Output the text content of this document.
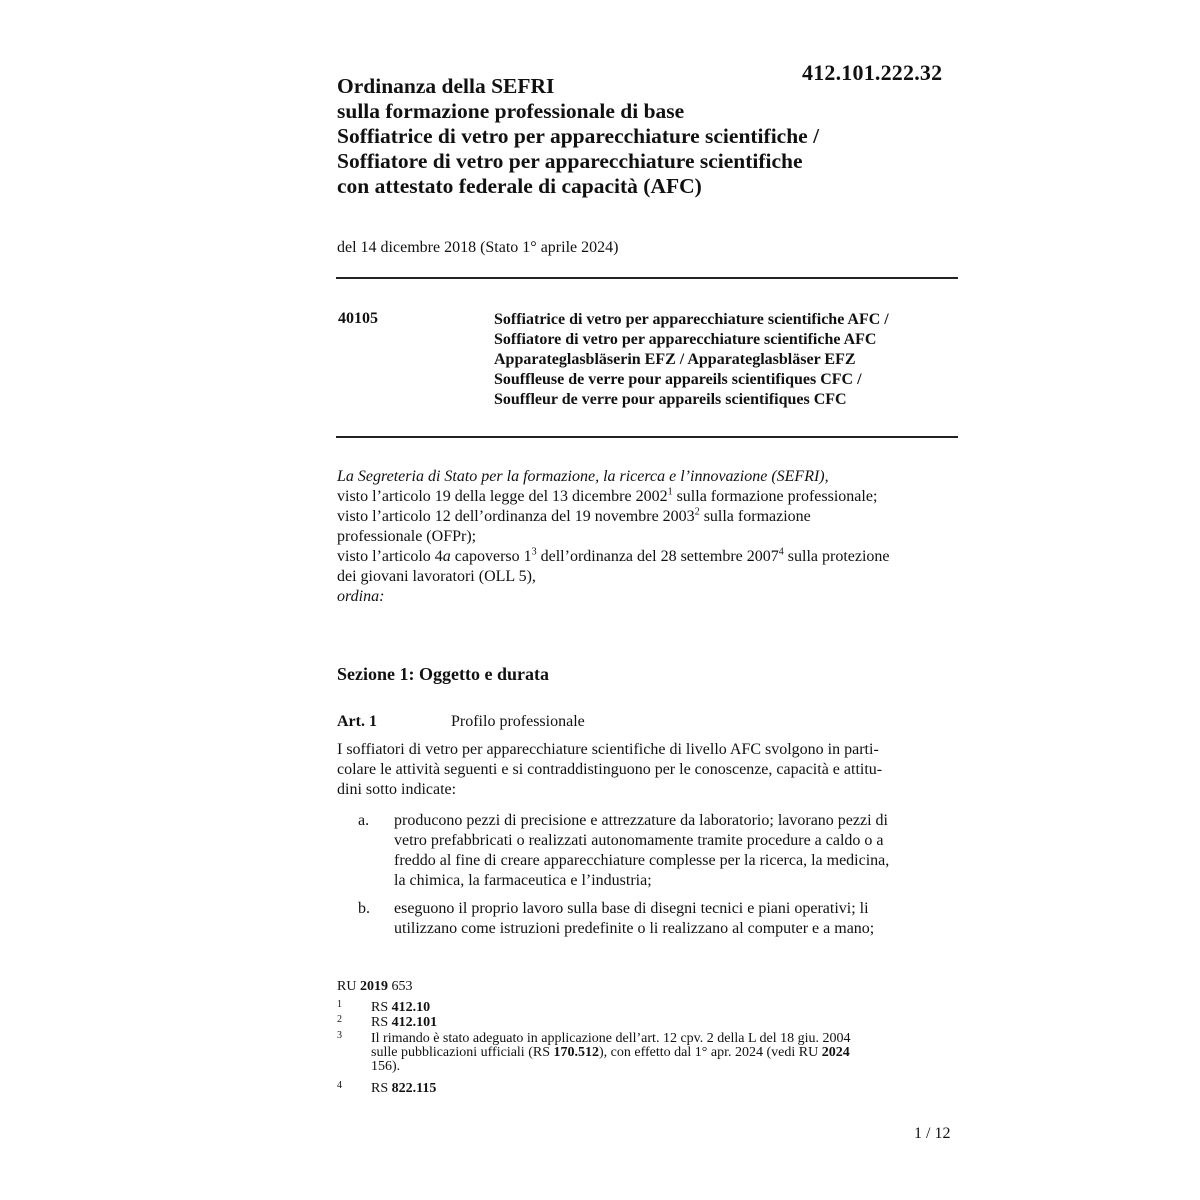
412.101.222.32
Ordinanza della SEFRI
sulla formazione professionale di base
Soffiatrice di vetro per apparecchiature scientifiche /
Soffiatore di vetro per apparecchiature scientifiche
con attestato federale di capacità (AFC)
del 14 dicembre 2018 (Stato 1° aprile 2024)
40105	Soffiatrice di vetro per apparecchiature scientifiche AFC /
Soffiatore di vetro per apparecchiature scientifiche AFC
Apparateglasbläserin EFZ / Apparateglasbläser EFZ
Souffleuse de verre pour appareils scientifiques CFC /
Souffleur de verre pour appareils scientifiques CFC
La Segreteria di Stato per la formazione, la ricerca e l’innovazione (SEFRI),
visto l’articolo 19 della legge del 13 dicembre 2002$^1$ sulla formazione professionale;
visto l’articolo 12 dell’ordinanza del 19 novembre 2003$^2$ sulla formazione
professionale (OFPr);
visto l’articolo 4a capoverso $1^3$ dell’ordinanza del 28 settembre 2007$^4$ sulla protezione
dei giovani lavoratori (OLL 5),
ordina:
Sezione 1: Oggetto e durata
Art. 1	Profilo professionale
I soffiatori di vetro per apparecchiature scientifiche di livello AFC svolgono in parti-
colare le attività seguenti e si contraddistinguono per le conoscenze, capacità e attitu-
dini sotto indicate:
a. producono pezzi di precisione e attrezzature da laboratorio; lavorano pezzi di
vetro prefabbricati o realizzati autonomamente tramite procedure a caldo o a
freddo al fine di creare apparecchiature complesse per la ricerca, la medicina,
la chimica, la farmaceutica e l’industria;
b. eseguono il proprio lavoro sulla base di disegni tecnici e piani operativi; li
utilizzano come istruzioni predefinite o li realizzano al computer e a mano;
RU 2019 653
1 RS 412.10
2 RS 412.101
3 Il rimando è stato adeguato in applicazione dell’art. 12 cpv. 2 della L del 18 giu. 2004
sulle pubblicazioni ufficiali (RS 170.512), con effetto dal 1° apr. 2024 (vedi RU 2024
156).
4 RS 822.115
1 / 12
